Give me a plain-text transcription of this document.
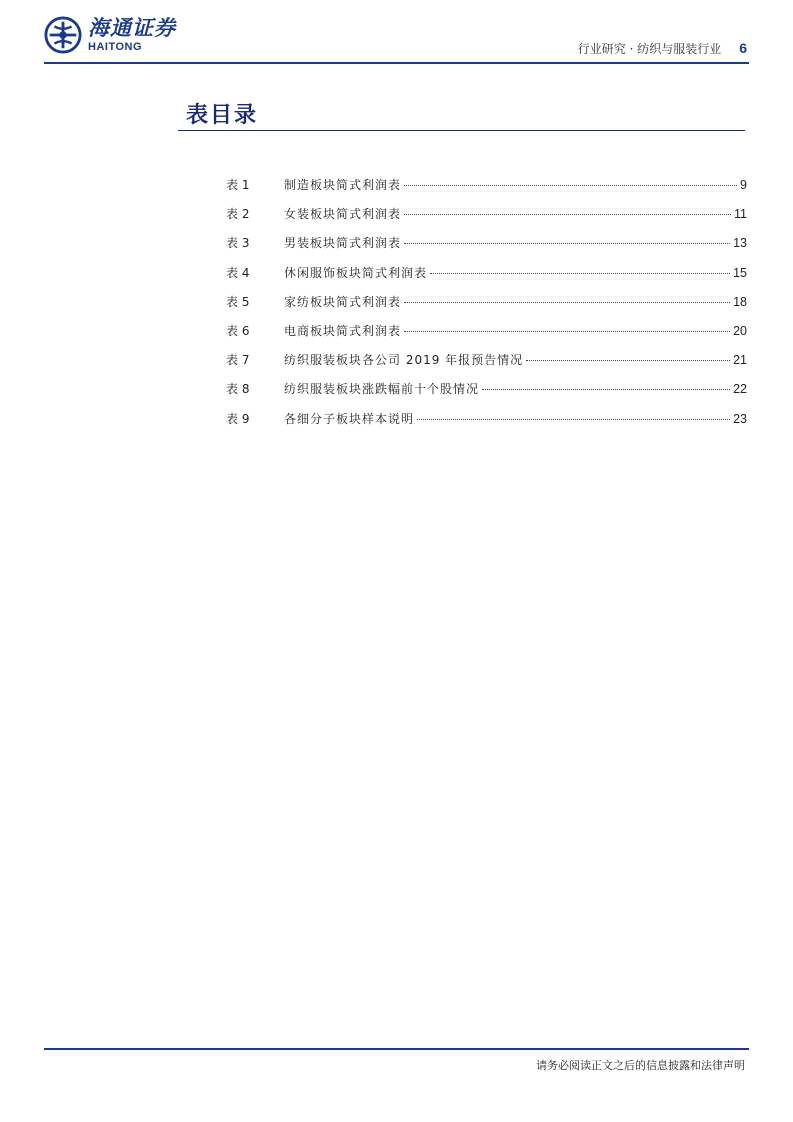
海通证券
HAITONG	行业研究 · 纺织与服装行业 6
表目录
表 1	制造板块简式利润表	9
表 2	女装板块简式利润表	11
表 3	男装板块简式利润表	13
表 4	休闲服饰板块简式利润表	15
表 5	家纺板块简式利润表	18
表 6	电商板块简式利润表	20
表 7	纺织服装板块各公司 2019 年报预告情况	21
表 8	纺织服装板块涨跌幅前十个股情况	22
表 9	各细分子板块样本说明	23
请务必阅读正文之后的信息披露和法律声明
